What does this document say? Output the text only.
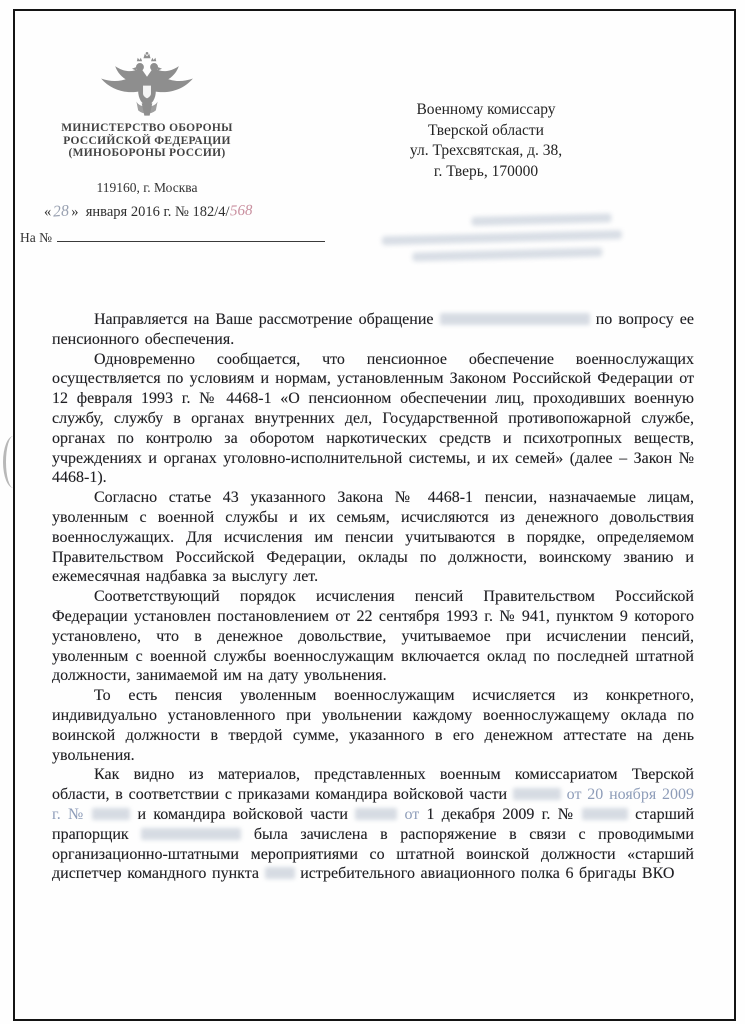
МИНИСТЕРСТВО ОБОРОНЫ
РОССИЙСКОЙ ФЕДЕРАЦИИ
(МИНОБОРОНЫ РОССИИ)
119160, г. Москва
«28»  января 2016 г. № 182/4/568
На №
Военному комиссару
Тверской области
ул. Трехсвятская, д. 38,
г. Тверь, 170000

Направляется на Ваше рассмотрение обращение	по вопросу ее пенсионного обеспечения.

Одновременно сообщается, что пенсионное обеспечение военнослужащих осуществляется по условиям и нормам, установленным Законом Российской Федерации от 12 февраля 1993 г. № 4468-1 «О пенсионном обеспечении лиц, проходивших военную службу, службу в органах внутренних дел, Государственной противопожарной службе, органах по контролю за оборотом наркотических средств и психотропных веществ, учреждениях и органах уголовно-исполнительной системы, и их семей» (далее – Закон № 4468-1).

Согласно статье 43 указанного Закона № 4468-1 пенсии, назначаемые лицам, уволенным с военной службы и их семьям, исчисляются из денежного довольствия военнослужащих. Для исчисления им пенсии учитываются в порядке, определяемом Правительством Российской Федерации, оклады по должности, воинскому званию и ежемесячная надбавка за выслугу лет.

Соответствующий порядок исчисления пенсий Правительством Российской Федерации установлен постановлением от 22 сентября 1993 г. № 941, пунктом 9 которого установлено, что в денежное довольствие, учитываемое при исчислении пенсий, уволенным с военной службы военнослужащим включается оклад по последней штатной должности, занимаемой им на дату увольнения.

То есть пенсия уволенным военнослужащим исчисляется из конкретного, индивидуально установленного при увольнении каждому военнослужащему оклада по воинской должности в твердой сумме, указанного в его денежном аттестате на день увольнения.

Как видно из материалов, представленных военным комиссариатом Тверской области, в соответствии с приказами командира войсковой части	от 20 ноября 2009 г. №  и командира войсковой части	от 1 декабря 2009 г. №	старший прапорщик	была зачислена в распоряжение в связи с проводимыми организационно-штатными мероприятиями со штатной воинской должности «старший диспетчер командного пункта  истребительного авиационного полка 6 бригады ВКО
